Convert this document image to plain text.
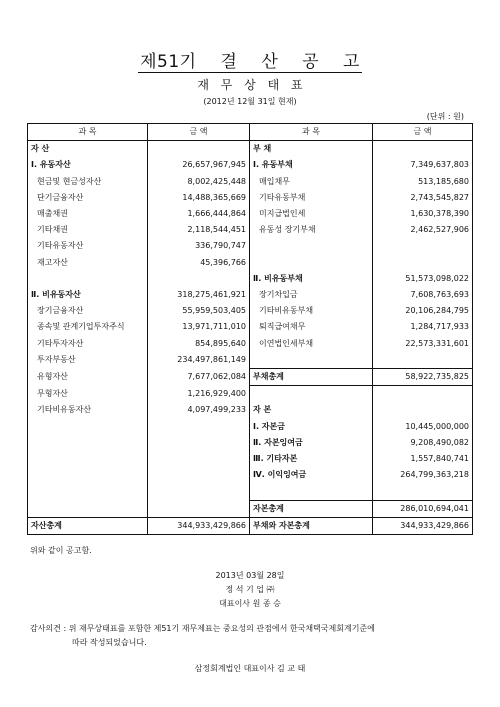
제51기 결 산 공 고
재 무 상 태 표
(2012년 12월 31일 현재)
(단위 : 원)
과 목	금 액	과 목	금 액
자 산		부 채	
Ⅰ. 유동자산	26,657,967,945	Ⅰ. 유동부채	7,349,637,803
현금및 현금성자산	8,002,425,448	매입채무	513,185,680
단기금융자산	14,488,365,669	기타유동부채	2,743,545,827
매출채권	1,666,444,864	미지급법인세	1,630,378,390
기타채권	2,118,544,451	유동성 장기부채	2,462,527,906
기타유동자산	336,790,747		
재고자산	45,396,766		
		Ⅱ. 비유동부채	51,573,098,022
Ⅱ. 비유동자산	318,275,461,921	장기차입금	7,608,763,693
장기금융자산	55,959,503,405	기타비유동부채	20,106,284,795
종속및 관계기업투자주식	13,971,711,010	퇴직급여채무	1,284,717,933
기타투자자산	854,895,640	이연법인세부채	22,573,331,601
투자부동산	234,497,861,149		
유형자산	7,677,062,084	부채총계	58,922,735,825
무형자산	1,216,929,400		
기타비유동자산	4,097,499,233	자 본	
		Ⅰ. 자본금	10,445,000,000
		Ⅱ. 자본잉여금	9,208,490,082
		Ⅲ. 기타자본	1,557,840,741
		Ⅳ. 이익잉여금	264,799,363,218

		자본총계	286,010,694,041
자산총계	344,933,429,866	부채와 자본총계	344,933,429,866
위와 같이 공고함.
2013년 03월 28일
정 석 기 업 ㈜
대표이사 원 종 승
감사의견 : 위 재무상태표를 포함한 제51기 재무제표는 중요성의 관점에서 한국채택국제회계기준에
따라 작성되었습니다.
삼정회계법인 대표이사 김 교 태
